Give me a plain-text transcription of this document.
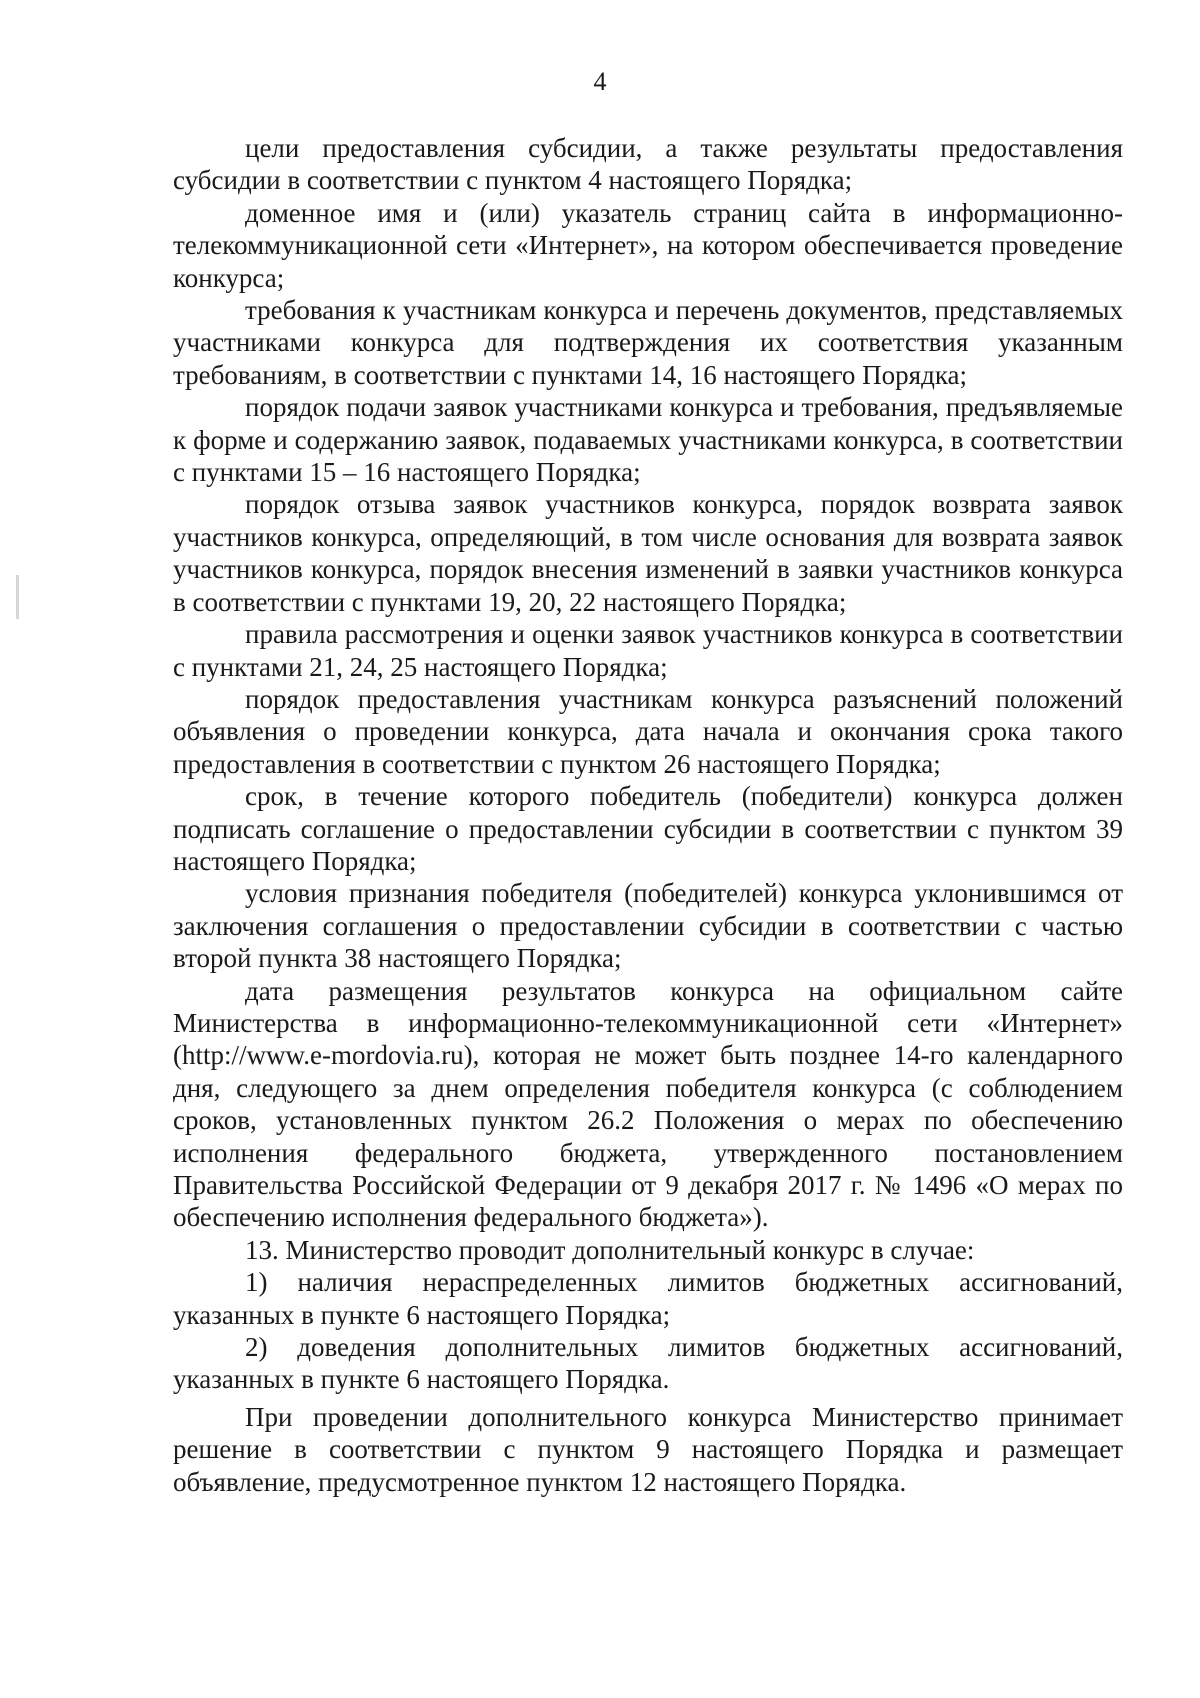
4

цели предоставления субсидии, а также результаты предоставления субсидии в соответствии с пунктом 4 настоящего Порядка;

доменное имя и (или) указатель страниц сайта в информационно-телекоммуникационной сети «Интернет», на котором обеспечивается проведение конкурса;

требования к участникам конкурса и перечень документов, представляемых участниками конкурса для подтверждения их соответствия указанным требованиям, в соответствии с пунктами 14, 16 настоящего Порядка;

порядок подачи заявок участниками конкурса и требования, предъявляемые к форме и содержанию заявок, подаваемых участниками конкурса, в соответствии с пунктами 15 – 16 настоящего Порядка;

порядок отзыва заявок участников конкурса, порядок возврата заявок участников конкурса, определяющий, в том числе основания для возврата заявок участников конкурса, порядок внесения изменений в заявки участников конкурса в соответствии с пунктами 19, 20, 22 настоящего Порядка;

правила рассмотрения и оценки заявок участников конкурса в соответствии с пунктами 21, 24, 25 настоящего Порядка;

порядок предоставления участникам конкурса разъяснений положений объявления о проведении конкурса, дата начала и окончания срока такого предоставления в соответствии с пунктом 26 настоящего Порядка;

срок, в течение которого победитель (победители) конкурса должен подписать соглашение о предоставлении субсидии в соответствии с пунктом 39 настоящего Порядка;

условия признания победителя (победителей) конкурса уклонившимся от заключения соглашения о предоставлении субсидии в соответствии с частью второй пункта 38 настоящего Порядка;

дата размещения результатов конкурса на официальном сайте Министерства в информационно-телекоммуникационной сети «Интернет» (http://www.e-mordovia.ru), которая не может быть позднее 14-го календарного дня, следующего за днем определения победителя конкурса (с соблюдением сроков, установленных пунктом 26.2 Положения о мерах по обеспечению исполнения федерального бюджета, утвержденного постановлением Правительства Российской Федерации от 9 декабря 2017 г. № 1496 «О мерах по обеспечению исполнения федерального бюджета»).

13. Министерство проводит дополнительный конкурс в случае:

1) наличия нераспределенных лимитов бюджетных ассигнований, указанных в пункте 6 настоящего Порядка;

2) доведения дополнительных лимитов бюджетных ассигнований, указанных в пункте 6 настоящего Порядка.

При проведении дополнительного конкурса Министерство принимает решение в соответствии с пунктом 9 настоящего Порядка и размещает объявление, предусмотренное пунктом 12 настоящего Порядка.
